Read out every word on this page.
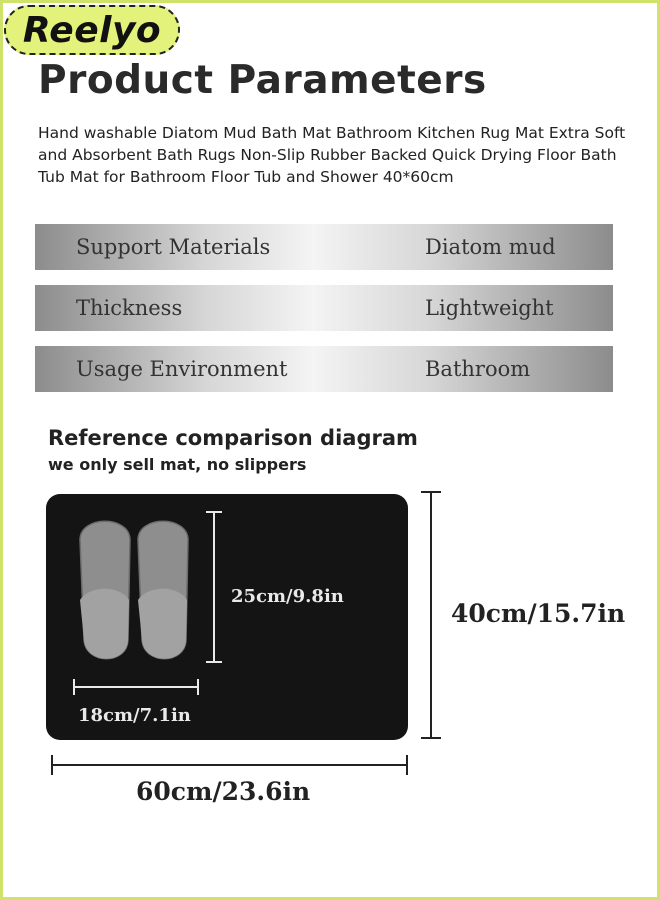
Reelyo
Product Parameters
Hand washable Diatom Mud Bath Mat Bathroom Kitchen Rug Mat Extra Soft and Absorbent Bath Rugs Non-Slip Rubber Backed Quick Drying Floor Bath Tub Mat for Bathroom Floor Tub and Shower 40*60cm
Support Materials	Diatom mud
Thickness	Lightweight
Usage Environment	Bathroom
Reference comparison diagram
we only sell mat, no slippers
25cm/9.8in
18cm/7.1in
40cm/15.7in
60cm/23.6in
